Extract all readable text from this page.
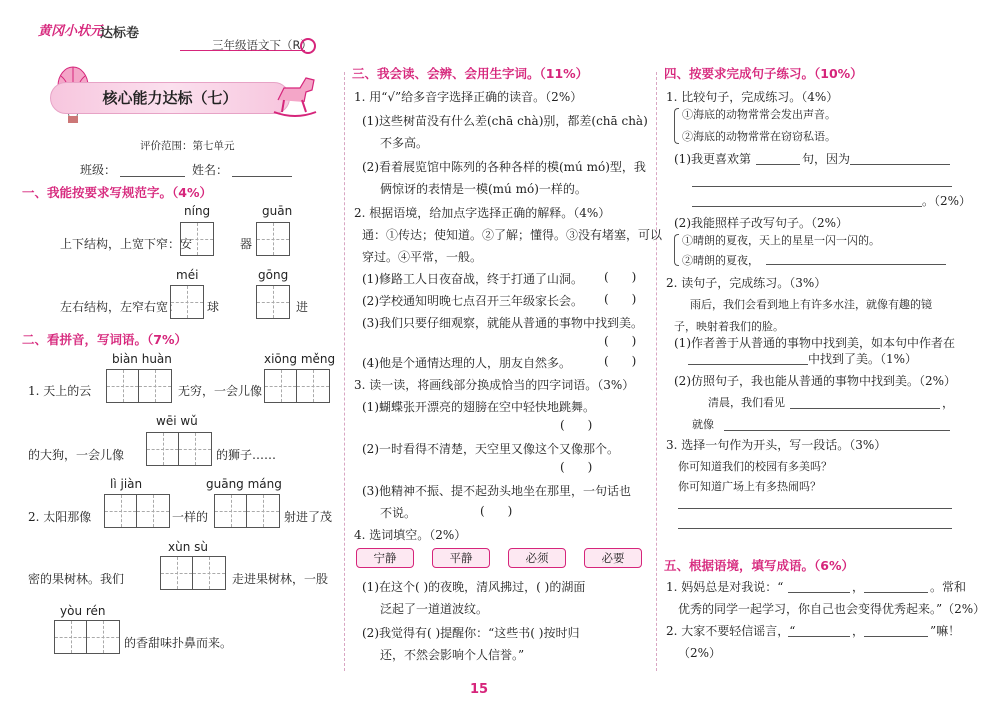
黄冈小状元
达标卷
三年级语文下（R）
核心能力达标（七）
评价范围：第七单元
班级：	姓名：
一、我能按要求写规范字。（4%）
níng	guān
上下结构，上宽下窄：安	器
méi	gōng
左右结构，左窄右宽： 球	进
二、看拼音，写词语。（7%）
biàn huàn	xiōng měng
1. 天上的云	无穷，一会儿像
wēi wǔ
的大狗，一会儿像	的狮子……
lì jiàn	guāng máng
2. 太阳那像	一样的	射进了茂
xùn sù
密的果树林。我们	走进果树林，一股
yòu rén
的香甜味扑鼻而来。
三、我会读、会辨、会用生字词。（11%）
1. 用“√”给多音字选择正确的读音。（2%）
(1)这些树苗没有什么差(chā chà)别，都差(chā chà)
不多高。
(2)看着展览馆中陈列的各种各样的模(mú mó)型，我
俩惊讶的表情是一模(mú mó)一样的。
2. 根据语境，给加点字选择正确的解释。（4%）
通：①传达；使知道。②了解；懂得。③没有堵塞，可以
穿过。④平常，一般。
(1)修路工人日夜奋战，终于打通了山洞。 (      )
(2)学校通知明晚七点召开三年级家长会。 (      )
(3)我们只要仔细观察，就能从普通的事物中找到美。
(      )
(4)他是个通情达理的人，朋友自然多。	(      )
3. 读一读，将画线部分换成恰当的四字词语。（3%）
(1)蝴蝶张开漂亮的翅膀在空中轻快地跳舞。
(      )
(2)一时看得不清楚，天空里又像这个又像那个。
(      )
(3)他精神不振、提不起劲头地坐在那里，一句话也
不说。	(      )
4. 选词填空。（2%）
宁静	平静	必须	必要
(1)在这个( )的夜晚，清风拂过，( )的湖面
泛起了一道道波纹。
(2)我觉得有( )提醒你：“这些书( )按时归
还，不然会影响个人信誉。”
四、按要求完成句子练习。（10%）
1. 比较句子，完成练习。（4%）
①海底的动物常常会发出声音。
②海底的动物常常在窃窃私语。
(1)我更喜欢第	句，因为
。（2%）
(2)我能照样子改写句子。（2%）
①晴朗的夏夜，天上的星星一闪一闪的。
②晴朗的夏夜，
2. 读句子，完成练习。（3%）
雨后，我们会看到地上有许多水洼，就像有趣的镜
子，映射着我们的脸。
(1)作者善于从普通的事物中找到美，如本句中作者在
中找到了美。（1%）
(2)仿照句子，我也能从普通的事物中找到美。（2%）
清晨，我们看见	，
就像
3. 选择一句作为开头，写一段话。（3%）
你可知道我们的校园有多美吗？
你可知道广场上有多热闹吗？
五、根据语境，填写成语。（6%）
1. 妈妈总是对我说：“	，	。常和
优秀的同学一起学习，你自己也会变得优秀起来。”（2%）
2. 大家不要轻信谣言，“	，	”嘛！
（2%）
15
